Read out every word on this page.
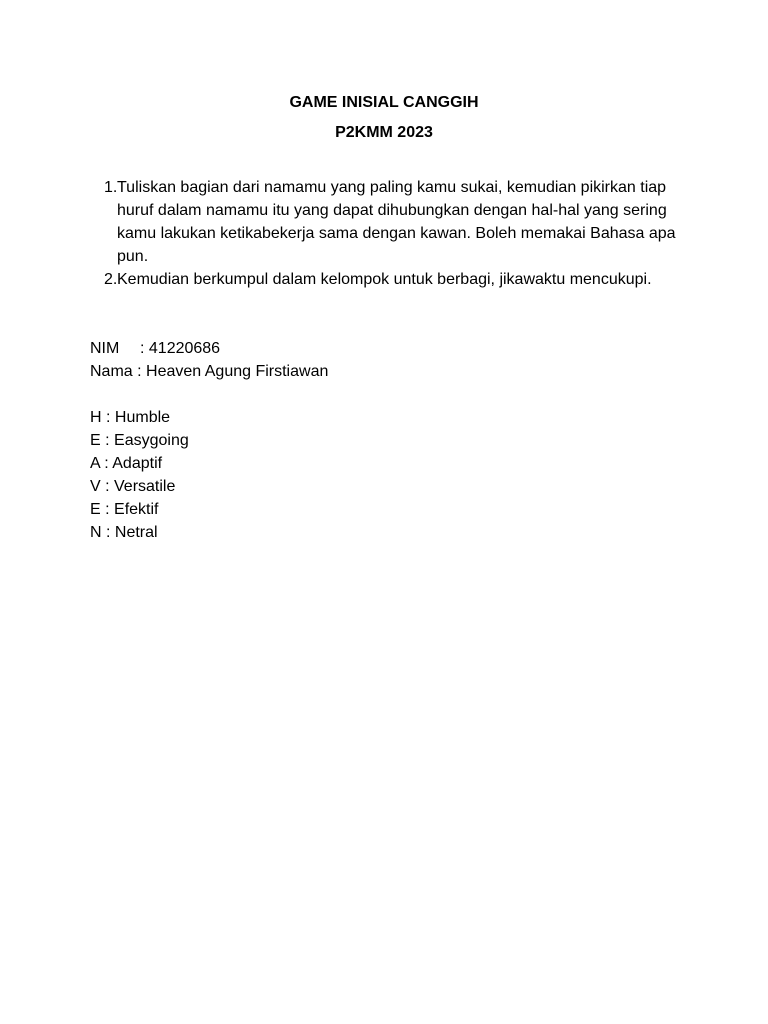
GAME INISIAL CANGGIH
P2KMM 2023
1. Tuliskan bagian dari namamu yang paling kamu sukai, kemudian pikirkan tiap huruf dalam namamu itu yang dapat dihubungkan dengan hal-hal yang sering kamu lakukan ketikabekerja sama dengan kawan. Boleh memakai Bahasa apa pun.
2. Kemudian berkumpul dalam kelompok untuk berbagi, jikawaktu mencukupi.
NIM : 41220686
Nama : Heaven Agung Firstiawan
H : Humble
E : Easygoing
A : Adaptif
V : Versatile
E : Efektif
N : Netral
